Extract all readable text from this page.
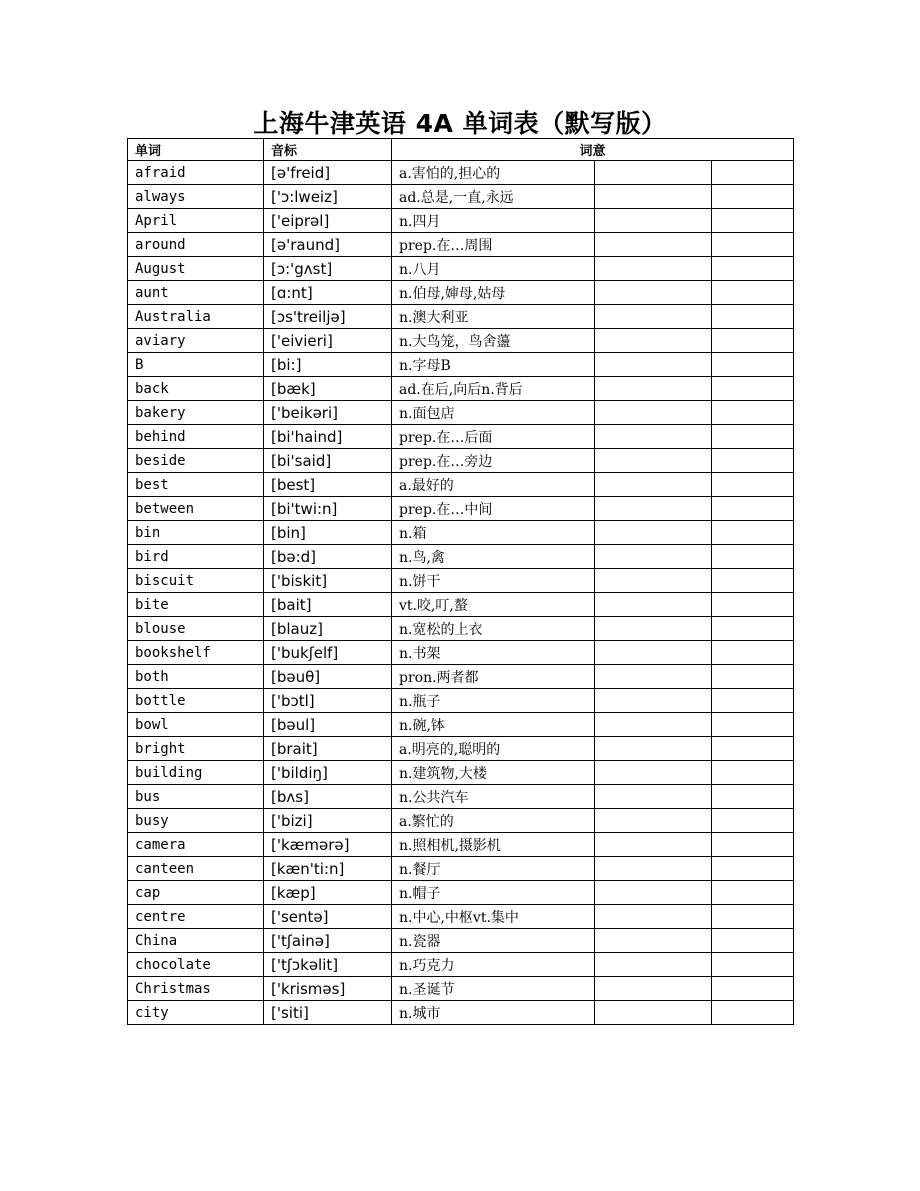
上海牛津英语 4A 单词表（默写版）
单词	音标	词意		
afraid	[ə'freid]	a.害怕的,担心的		
always	['ɔ:lweiz]	ad.总是,一直,永远		
April	['eiprəl]	n.四月		
around	[ə'raund]	prep.在…周围		
August	[ɔ:'gʌst]	n.八月		
aunt	[ɑ:nt]	n.伯母,婶母,姑母		
Australia	[ɔs'treiljə]	n.澳大利亚		
aviary	['eivieri]	n.大鸟笼，鸟舍蘯		
B	[bi:]	n.字母B		
back	[bæk]	ad.在后,向后n.背后		
bakery	['beikəri]	n.面包店		
behind	[bi'haind]	prep.在…后面		
beside	[bi'said]	prep.在…旁边		
best	[best]	a.最好的		
between	[bi'twi:n]	prep.在…中间		
bin	[bin]	n.箱		
bird	[bə:d]	n.鸟,禽		
biscuit	['biskit]	n.饼干		
bite	[bait]	vt.咬,叮,螯		
blouse	[blauz]	n.宽松的上衣		
bookshelf	['bukʃelf]	n.书架		
both	[bəuθ]	pron.两者都		
bottle	['bɔtl]	n.瓶子		
bowl	[bəul]	n.碗,钵		
bright	[brait]	a.明亮的,聪明的		
building	['bildiŋ]	n.建筑物,大楼		
bus	[bʌs]	n.公共汽车		
busy	['bizi]	a.繁忙的		
camera	['kæmərə]	n.照相机,摄影机		
canteen	[kæn'ti:n]	n.餐厅		
cap	[kæp]	n.帽子		
centre	['sentə]	n.中心,中枢vt.集中		
China	['tʃainə]	n.瓷器		
chocolate	['tʃɔkəlit]	n.巧克力		
Christmas	['krisməs]	n.圣诞节		
city	['siti]	n.城市		
